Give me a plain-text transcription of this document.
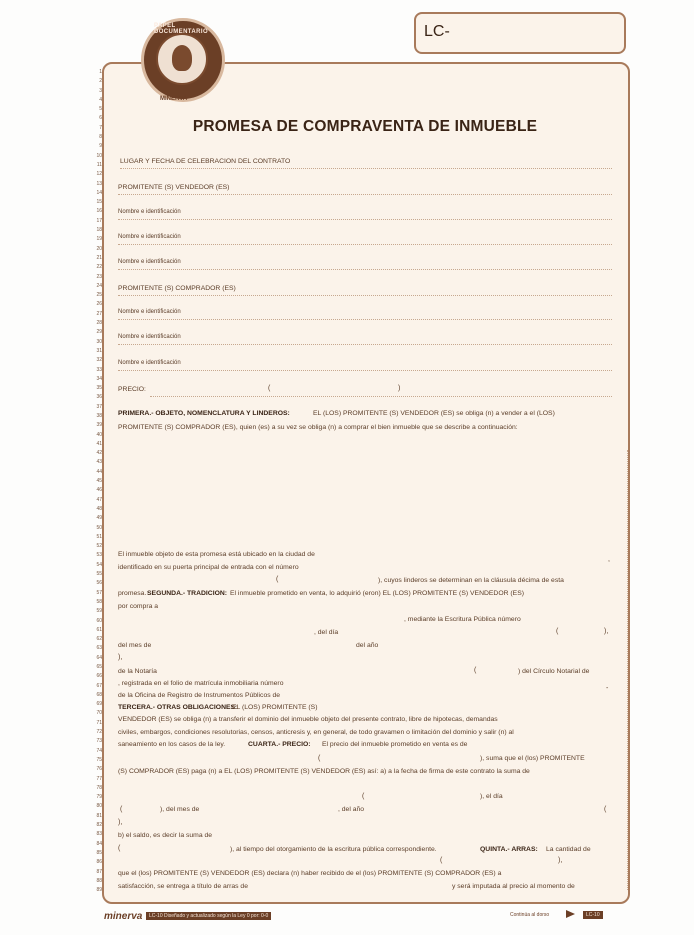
LC-
PAPEL DOCUMENTARIO
MINERVA
1
2
3
4
5
6
7
8
9
10
11
12
13
14
15
16
17
18
19
20
21
22
23
24
25
26
27
28
29
30
31
32
33
34
35
36
37
38
39
40
41
42
43
44
45
46
47
48
49
50
51
52
53
54
55
56
57
58
59
60
61
62
63
64
65
66
67
68
69
70
71
72
73
74
75
76
77
78
79
80
81
82
83
84
85
86
87
88
89

PROMESA DE COMPRAVENTA DE INMUEBLE
LUGAR Y FECHA DE CELEBRACION DEL CONTRATO
PROMITENTE (S) VENDEDOR (ES)
Nombre e identificación
Nombre e identificación
Nombre e identificación
PROMITENTE (S) COMPRADOR (ES)
Nombre e identificación
Nombre e identificación
Nombre e identificación
PRECIO:	(	)
PRIMERA.- OBJETO, NOMENCLATURA Y LINDEROS:	EL (LOS) PROMITENTE (S) VENDEDOR (ES) se obliga (n) a vender a el (LOS)
PROMITENTE (S) COMPRADOR (ES), quien (es) a su vez se obliga (n) a comprar el bien inmueble que se describe a continuación:
El inmueble objeto de esta promesa está ubicado en la ciudad de
,
identificado en su puerta principal de entrada con el número
(	), cuyos linderos se determinan en la cláusula décima de esta
promesa. SEGUNDA.- TRADICION: El inmueble prometido en venta, lo adquirió (eron) EL (LOS) PROMITENTE (S) VENDEDOR (ES)
por compra a
, mediante la Escritura Pública número
, del día	(	),
del mes de	del año
),
de la Notaría	(	) del Círculo Notarial de
, registrada en el folio de matrícula inmobiliaria número
-
de la Oficina de Registro de Instrumentos Públicos de
TERCERA.- OTRAS OBLIGACIONES:
EL (LOS) PROMITENTE (S)
VENDEDOR (ES) se obliga (n) a transferir el dominio del inmueble objeto del presente contrato, libre de hipotecas, demandas
civiles, embargos, condiciones resolutorias, censos, anticresis y, en general, de todo gravamen o limitación del dominio y salir (n) al
saneamiento en los casos de la ley.	CUARTA.- PRECIO: El precio del inmueble prometido en venta es de
(	), suma que el (los) PROMITENTE
(S) COMPRADOR (ES) paga (n) a EL (LOS) PROMITENTE (S) VENDEDOR (ES) así: a) a la fecha de firma de este contrato la suma de
(	), el día
(	), del mes de	, del año	(
),
b) el saldo, es decir la suma de
(	), al tiempo del otorgamiento de la escritura pública correspondiente.	QUINTA.- ARRAS: La cantidad de
(	),
que el (los) PROMITENTE (S) VENDEDOR (ES) declara (n) haber recibido de el (los) PROMITENTE (S) COMPRADOR (ES) a
satisfacción, se entrega a título de arras de	y será imputada al precio al momento de
minerva	LC-10 Diseñado y actualizado según la Ley 0 por: 0-0	Continúa al dorso	LC-10
